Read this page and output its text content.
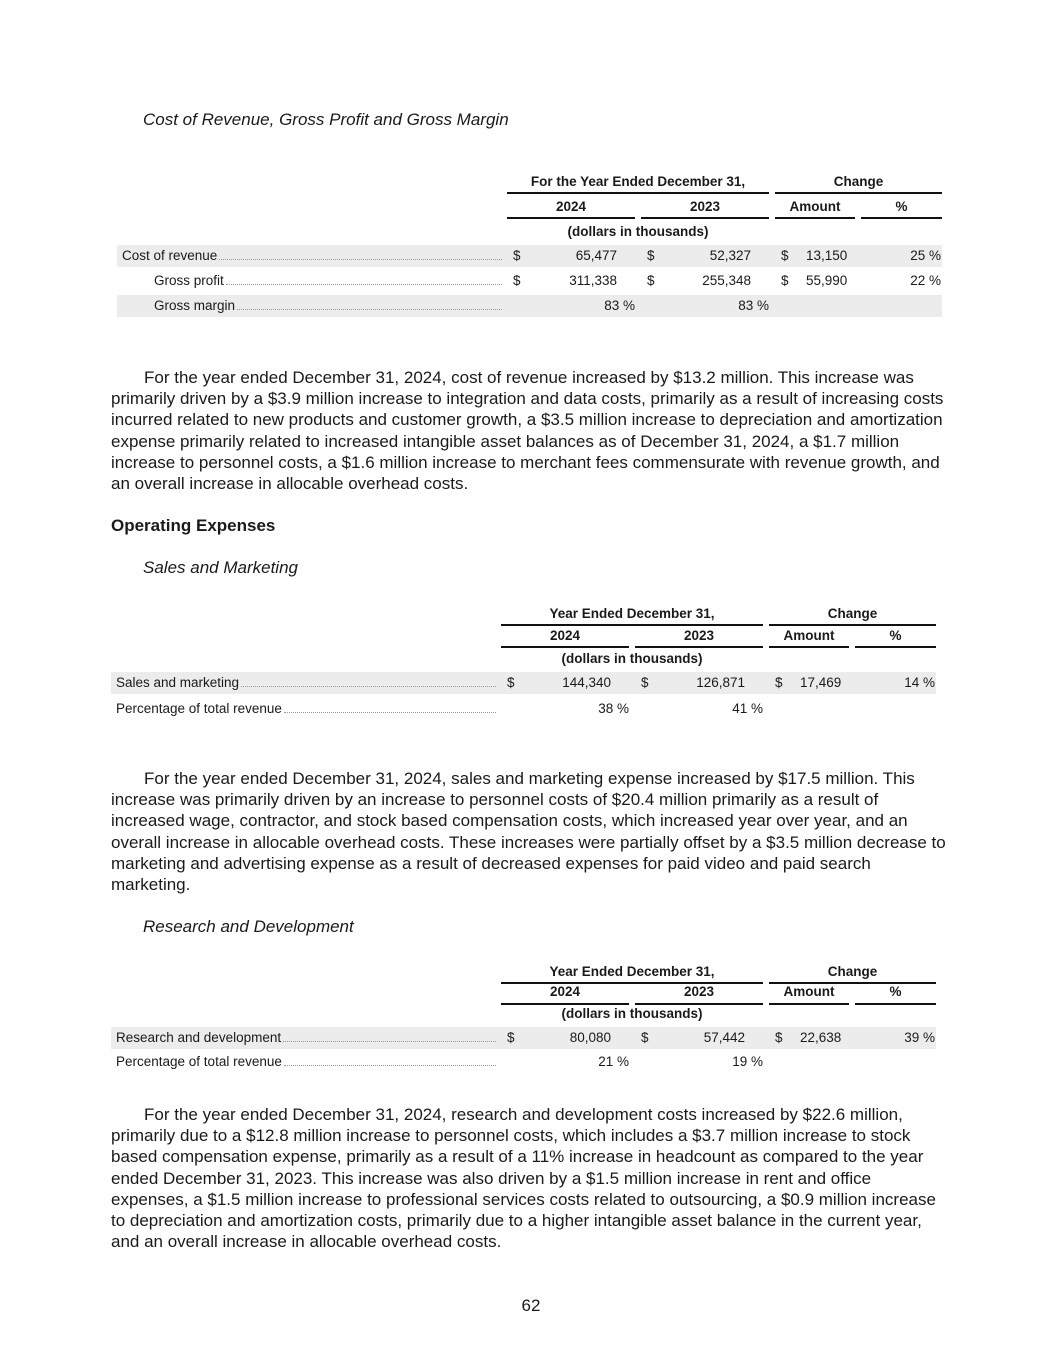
Cost of Revenue, Gross Profit and Gross Margin
For the Year Ended December 31,	Change
2024	2023	Amount	%
(dollars in thousands)
Cost of revenue	$	65,477 $	52,327 $ 13,150	25 %
Gross profit	$	311,338 $	255,348 $ 55,990	22 %
Gross margin	83 %	83 %

For the year ended December 31, 2024, cost of revenue increased by $13.2 million. This increase was primarily driven by a $3.9 million increase to integration and data costs, primarily as a result of increasing costs incurred related to new products and customer growth, a $3.5 million increase to depreciation and amortization expense primarily related to increased intangible asset balances as of December 31, 2024, a $1.7 million increase to personnel costs, a $1.6 million increase to merchant fees commensurate with revenue growth, and an overall increase in allocable overhead costs.

Operating Expenses
Sales and Marketing
Year Ended December 31,	Change
2024	2023	Amount	%
(dollars in thousands)
Sales and marketing	$	144,340 $	126,871 $ 17,469	14 %
Percentage of total revenue	38 %	41 %

For the year ended December 31, 2024, sales and marketing expense increased by $17.5 million. This increase was primarily driven by an increase to personnel costs of $20.4 million primarily as a result of increased wage, contractor, and stock based compensation costs, which increased year over year, and an overall increase in allocable overhead costs. These increases were partially offset by a $3.5 million decrease to marketing and advertising expense as a result of decreased expenses for paid video and paid search marketing.

Research and Development
Year Ended December 31,	Change
2024	2023	Amount	%
(dollars in thousands)
Research and development	$	80,080 $	57,442 $ 22,638	39 %
Percentage of total revenue	21 %	19 %

For the year ended December 31, 2024, research and development costs increased by $22.6 million, primarily due to a $12.8 million increase to personnel costs, which includes a $3.7 million increase to stock based compensation expense, primarily as a result of a 11% increase in headcount as compared to the year ended December 31, 2023. This increase was also driven by a $1.5 million increase in rent and office expenses, a $1.5 million increase to professional services costs related to outsourcing, a $0.9 million increase to depreciation and amortization costs, primarily due to a higher intangible asset balance in the current year, and an overall increase in allocable overhead costs.

62
